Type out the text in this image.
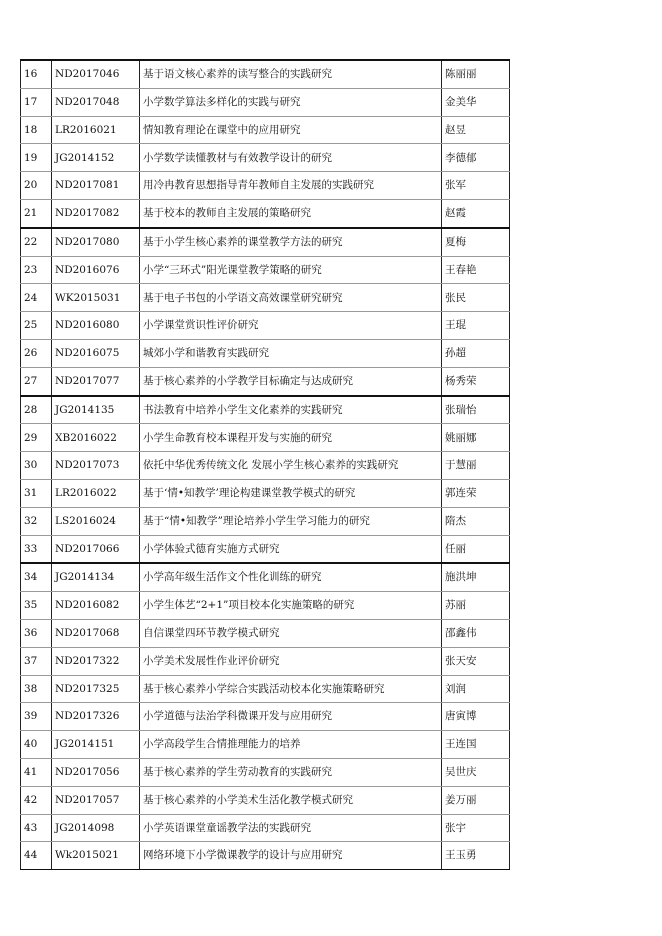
16	ND2017046	基于语文核心素养的读写整合的实践研究	陈丽丽
17	ND2017048	小学数学算法多样化的实践与研究	金美华
18	LR2016021	情知教育理论在课堂中的应用研究	赵昱
19	JG2014152	小学数学读懂教材与有效教学设计的研究	李德郁
20	ND2017081	用冷冉教育思想指导青年教师自主发展的实践研究	张军
21	ND2017082	基于校本的教师自主发展的策略研究	赵霞
22	ND2017080	基于小学生核心素养的课堂教学方法的研究	夏梅
23	ND2016076	小学“三环式”阳光课堂教学策略的研究	王春艳
24	WK2015031	基于电子书包的小学语文高效课堂研究研究	张民
25	ND2016080	小学课堂赏识性评价研究	王琨
26	ND2016075	城郊小学和谐教育实践研究	孙超
27	ND2017077	基于核心素养的小学教学目标确定与达成研究	杨秀荣
28	JG2014135	书法教育中培养小学生文化素养的实践研究	张瑞怡
29	XB2016022	小学生命教育校本课程开发与实施的研究	姚丽娜
30	ND2017073	依托中华优秀传统文化 发展小学生核心素养的实践研究	于慧丽
31	LR2016022	基于‘情•知教学’理论构建课堂教学模式的研究	郭连荣
32	LS2016024	基于“情•知教学”理论培养小学生学习能力的研究	隋杰
33	ND2017066	小学体验式德育实施方式研究	任丽
34	JG2014134	小学高年级生活作文个性化训练的研究	施洪坤
35	ND2016082	小学生体艺“2+1”项目校本化实施策略的研究	苏丽
36	ND2017068	自信课堂四环节教学模式研究	邵鑫伟
37	ND2017322	小学美术发展性作业评价研究	张天安
38	ND2017325	基于核心素养小学综合实践活动校本化实施策略研究	刘润
39	ND2017326	小学道德与法治学科微课开发与应用研究	唐寅博
40	JG2014151	小学高段学生合情推理能力的培养	王连国
41	ND2017056	基于核心素养的学生劳动教育的实践研究	吴世庆
42	ND2017057	基于核心素养的小学美术生活化教学模式研究	姜万丽
43	JG2014098	小学英语课堂童谣教学法的实践研究	张宇
44	Wk2015021	网络环境下小学微课教学的设计与应用研究	王玉勇
